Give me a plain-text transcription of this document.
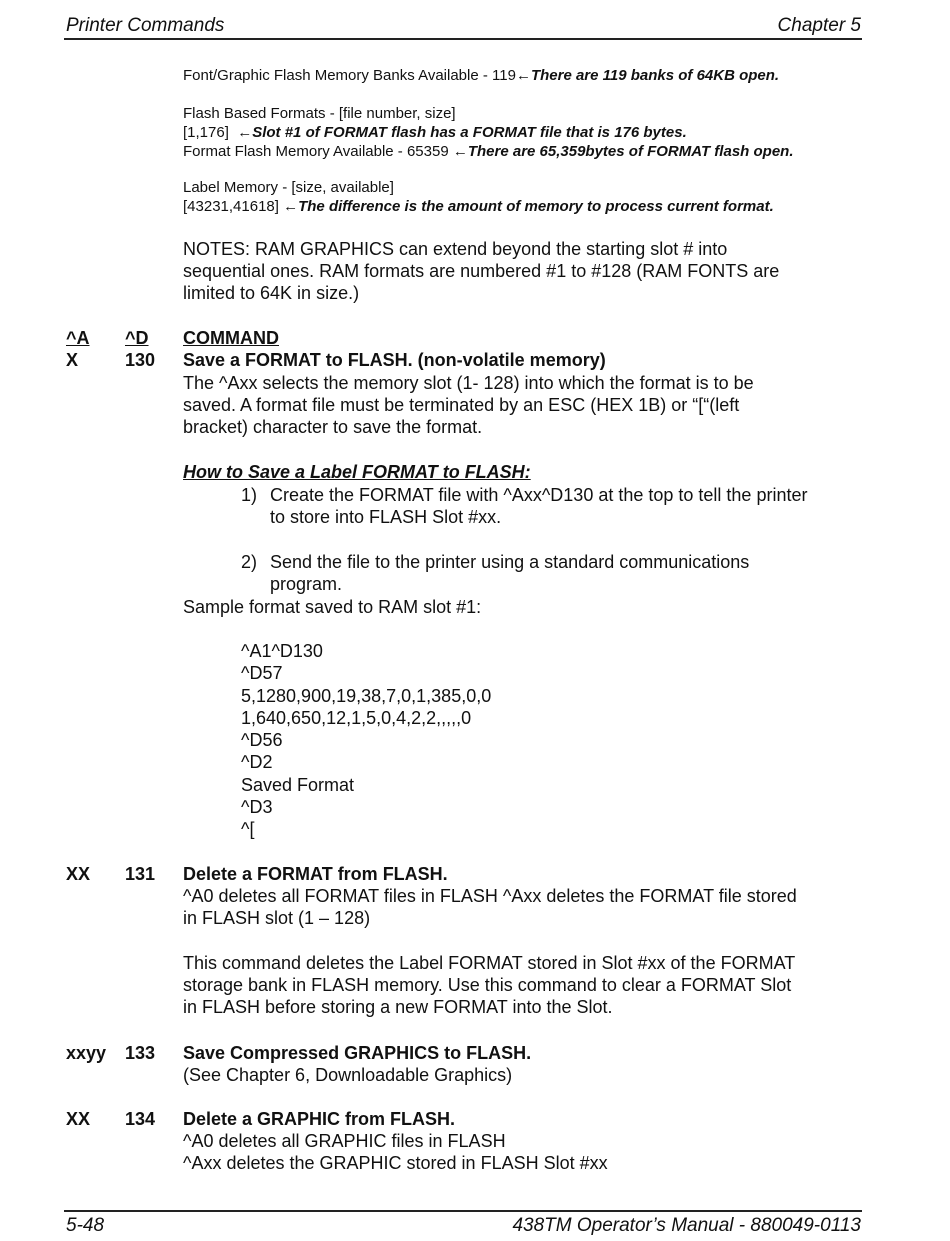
Printer Commands	Chapter 5
Font/Graphic Flash Memory Banks Available - 119←There are 119 banks of 64KB open.
Flash Based Formats - [file number, size]
[1,176] ←Slot #1 of FORMAT flash has a FORMAT file that is 176 bytes.
Format Flash Memory Available - 65359 ←There are 65,359bytes of FORMAT flash open.
Label Memory - [size, available]
[43231,41618] ←The difference is the amount of memory to process current format.
NOTES: RAM GRAPHICS can extend beyond the starting slot # into
sequential ones. RAM formats are numbered #1 to #128 (RAM FONTS are
limited to 64K in size.)
^A ^D COMMAND
X	130 Save a FORMAT to FLASH. (non-volatile memory)
The ^Axx selects the memory slot (1- 128) into which the format is to be
saved. A format file must be terminated by an ESC (HEX 1B) or “[“(left
bracket) character to save the format.
How to Save a Label FORMAT to FLASH:
1) Create the FORMAT file with ^Axx^D130 at the top to tell the printer
to store into FLASH Slot #xx.
2) Send the file to the printer using a standard communications
program.
Sample format saved to RAM slot #1:
^A1^D130
^D57
5,1280,900,19,38,7,0,1,385,0,0
1,640,650,12,1,5,0,4,2,2,,,,,0
^D56
^D2
Saved Format
^D3
^[
XX 131 Delete a FORMAT from FLASH.
^A0 deletes all FORMAT files in FLASH ^Axx deletes the FORMAT file stored
in FLASH slot (1 – 128)
This command deletes the Label FORMAT stored in Slot #xx of the FORMAT
storage bank in FLASH memory. Use this command to clear a FORMAT Slot
in FLASH before storing a new FORMAT into the Slot.
xxyy 133 Save Compressed GRAPHICS to FLASH.
(See Chapter 6, Downloadable Graphics)
XX 134 Delete a GRAPHIC from FLASH.
^A0 deletes all GRAPHIC files in FLASH
^Axx deletes the GRAPHIC stored in FLASH Slot #xx
5-48	438TM Operator’s Manual - 880049-0113
